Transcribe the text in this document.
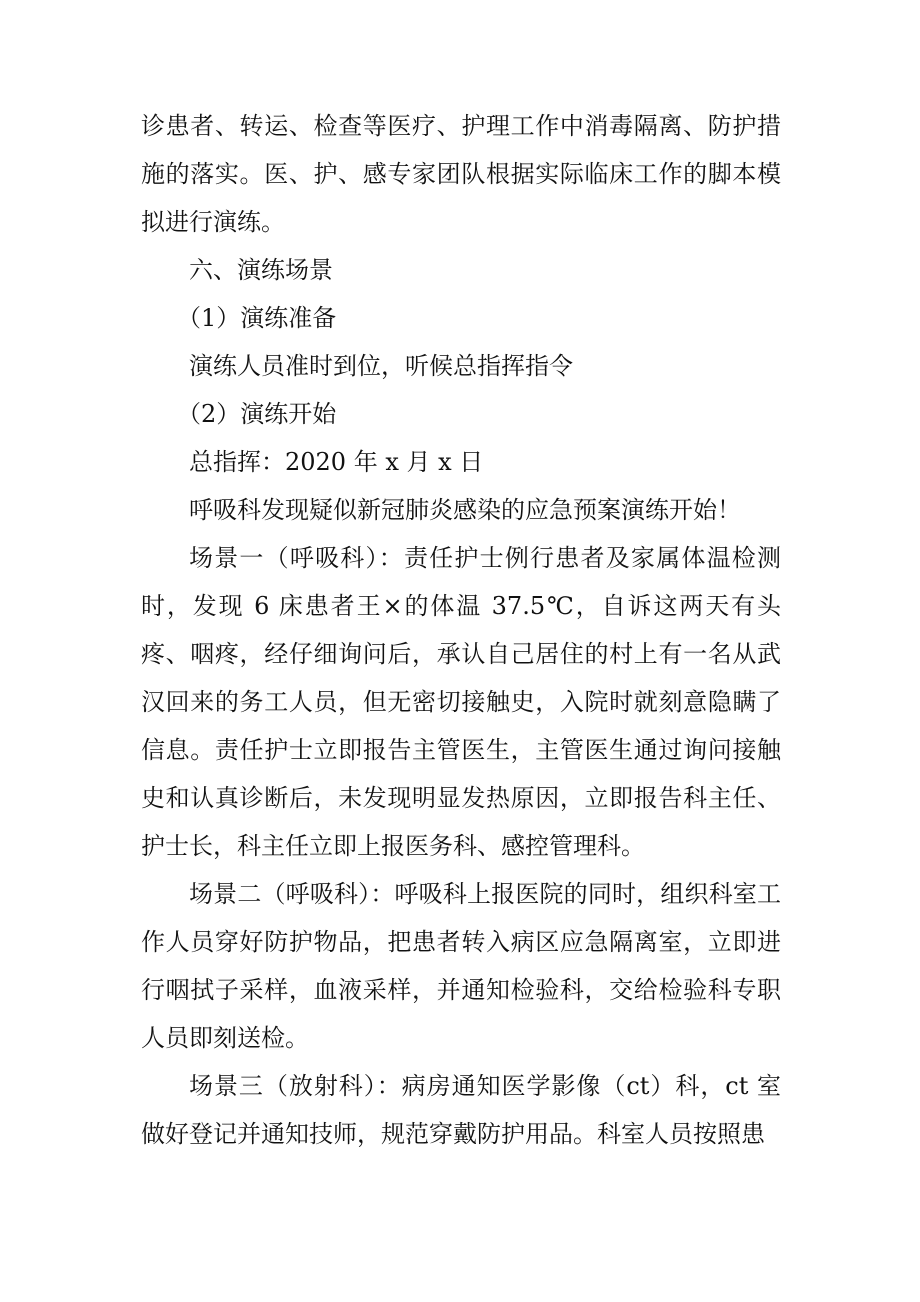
诊患者、转运、检查等医疗、护理工作中消毒隔离、防护措施的落实。医、护、感专家团队根据实际临床工作的脚本模拟进行演练。

六、演练场景

（1）演练准备

演练人员准时到位，听候总指挥指令

（2）演练开始

总指挥：2020 年 x 月 x 日

呼吸科发现疑似新冠肺炎感染的应急预案演练开始！

场景一（呼吸科）：责任护士例行患者及家属体温检测时，发现 6 床患者王×的体温 37.5℃，自诉这两天有头疼、咽疼，经仔细询问后，承认自己居住的村上有一名从武汉回来的务工人员，但无密切接触史，入院时就刻意隐瞒了信息。责任护士立即报告主管医生，主管医生通过询问接触史和认真诊断后，未发现明显发热原因，立即报告科主任、护士长，科主任立即上报医务科、感控管理科。

场景二（呼吸科）：呼吸科上报医院的同时，组织科室工作人员穿好防护物品，把患者转入病区应急隔离室，立即进行咽拭子采样，血液采样，并通知检验科，交给检验科专职人员即刻送检。

场景三（放射科）：病房通知医学影像（ct）科，ct 室做好登记并通知技师，规范穿戴防护用品。科室人员按照患
